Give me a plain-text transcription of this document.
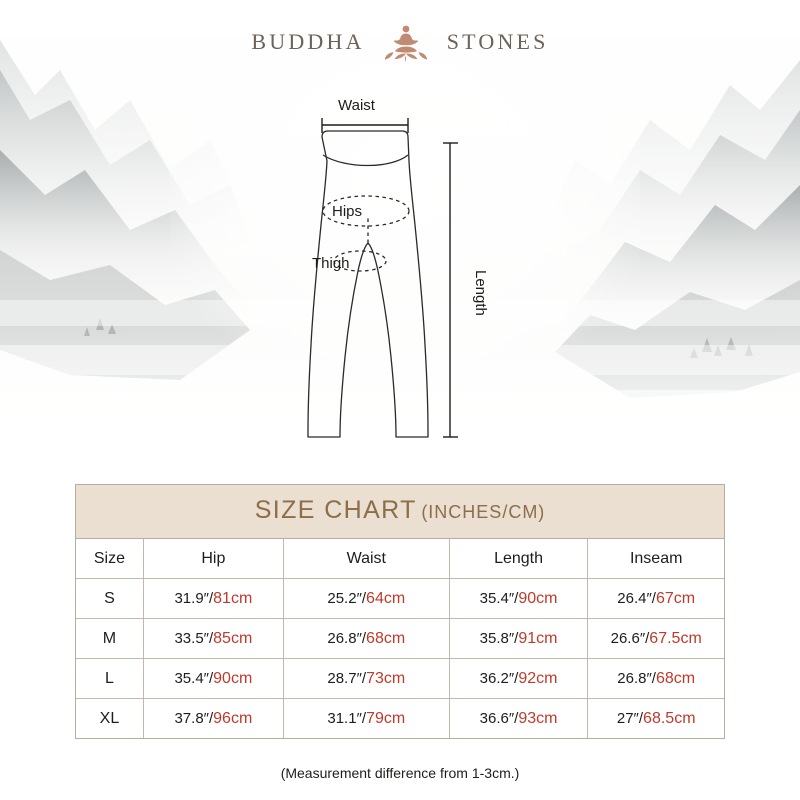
BUDDHA	STONES
Waist
Hips
Thigh
Length
SIZE CHART (INCHES/CM)
Size	Hip	Waist	Length	Inseam
S	31.9″/81cm	25.2″/64cm	35.4″/90cm	26.4″/67cm
M	33.5″/85cm	26.8″/68cm	35.8″/91cm	26.6″/67.5cm
L	35.4″/90cm	28.7″/73cm	36.2″/92cm	26.8″/68cm
XL	37.8″/96cm	31.1″/79cm	36.6″/93cm	27″/68.5cm
(Measurement difference from 1-3cm.)
